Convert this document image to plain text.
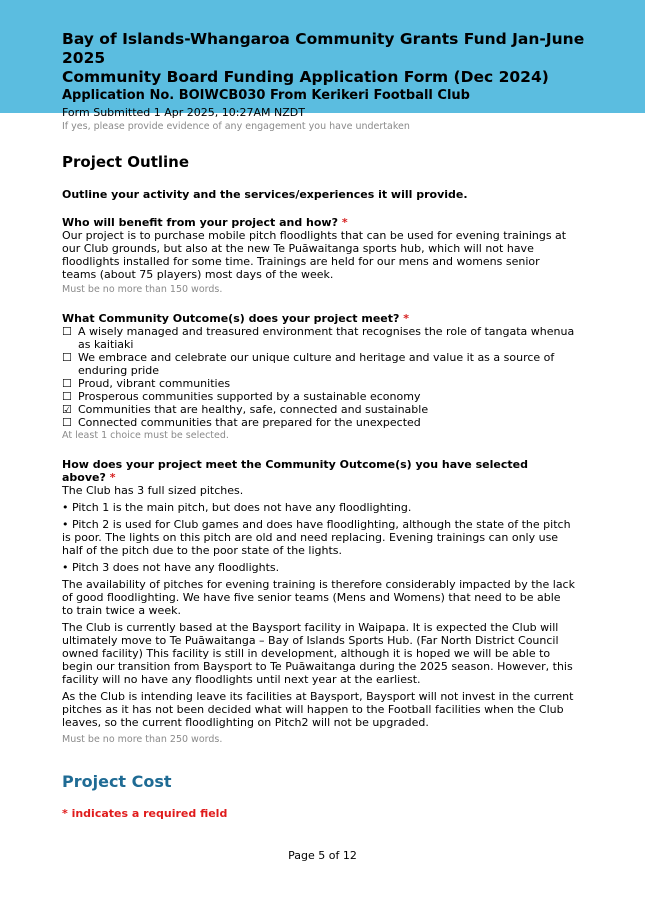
Bay of Islands-Whangaroa Community Grants Fund Jan-June 2025
Community Board Funding Application Form (Dec 2024)
Application No. BOIWCB030 From Kerikeri Football Club
Form Submitted 1 Apr 2025, 10:27AM NZDT
If yes, please provide evidence of any engagement you have undertaken
Project Outline
Outline your activity and the services/experiences it will provide.
Who will benefit from your project and how? *
Our project is to purchase mobile pitch floodlights that can be used for evening trainings at our Club grounds, but also at the new Te Puāwaitanga sports hub, which will not have floodlights installed for some time. Trainings are held for our mens and womens senior teams (about 75 players) most days of the week.
Must be no more than 150 words.
What Community Outcome(s) does your project meet? *
☐ A wisely managed and treasured environment that recognises the role of tangata whenua as kaitiaki
☐ We embrace and celebrate our unique culture and heritage and value it as a source of enduring pride
☐ Proud, vibrant communities
☐ Prosperous communities supported by a sustainable economy
☑ Communities that are healthy, safe, connected and sustainable
☐ Connected communities that are prepared for the unexpected
At least 1 choice must be selected.
How does your project meet the Community Outcome(s) you have selected above? *
The Club has 3 full sized pitches.
• Pitch 1 is the main pitch, but does not have any floodlighting.
• Pitch 2 is used for Club games and does have floodlighting, although the state of the pitch is poor. The lights on this pitch are old and need replacing. Evening trainings can only use half of the pitch due to the poor state of the lights.
• Pitch 3 does not have any floodlights.
The availability of pitches for evening training is therefore considerably impacted by the lack of good floodlighting. We have five senior teams (Mens and Womens) that need to be able to train twice a week.
The Club is currently based at the Baysport facility in Waipapa. It is expected the Club will ultimately move to Te Puāwaitanga – Bay of Islands Sports Hub. (Far North District Council owned facility) This facility is still in development, although it is hoped we will be able to begin our transition from Baysport to Te Puāwaitanga during the 2025 season. However, this facility will no have any floodlights until next year at the earliest.
As the Club is intending leave its facilities at Baysport, Baysport will not invest in the current pitches as it has not been decided what will happen to the Football facilities when the Club leaves, so the current floodlighting on Pitch2 will not be upgraded.
Must be no more than 250 words.
Project Cost
* indicates a required field
Page 5 of 12
